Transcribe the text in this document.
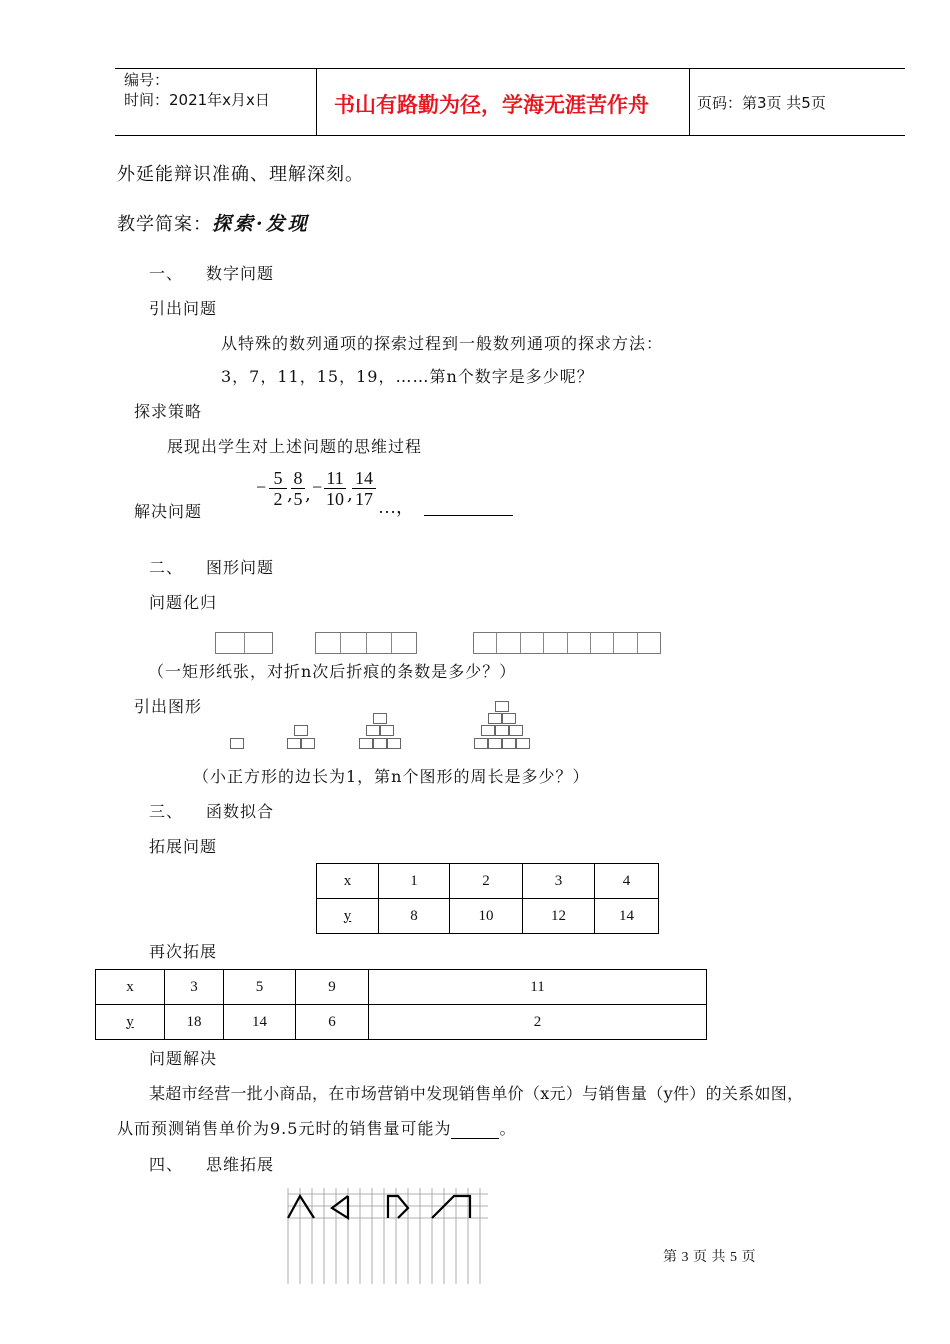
编号：
时间：2021年x月x日	书山有路勤为径，学海无涯苦作舟	页码：第3页 共5页
外延能辩识准确、理解深刻。
教学简案：探索·发现
一、 数字问题
引出问题
从特殊的数列通项的探索过程到一般数列通项的探求方法：
3，7，11，15，19，……第n个数字是多少呢？
探求策略
展现出学生对上述问题的思维过程
解决问题
− 5
2 ,
8
5 , − 11
10 ,
14
17 …，
二、 图形问题
问题化归
（一矩形纸张，对折n次后折痕的条数是多少？）
引出图形
（小正方形的边长为1，第n个图形的周长是多少？）
三、 函数拟合
拓展问题
x	1	2	3	4
y	8	10	12	14
再次拓展
x	3	5	9	11
y	18	14	6	2
问题解决
某超市经营一批小商品，在市场营销中发现销售单价（x元）与销售量（y件）的关系如图，
从而预测销售单价为9.5元时的销售量可能为	。
四、 思维拓展
第 3 页 共 5 页
